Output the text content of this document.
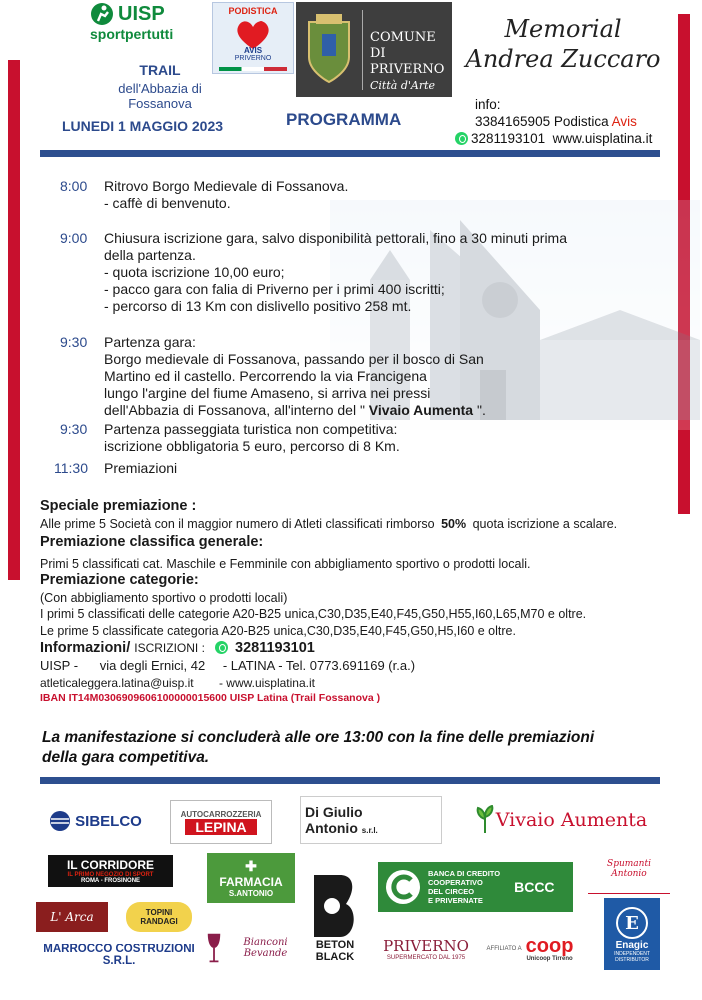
UISP
sportpertutti
PODISTICA
AVIS
PRIVERNO
COMUNE
DI PRIVERNO
Città d'Arte
Memorial
Andrea Zuccaro
TRAIL
dell'Abbazia di Fossanova
LUNEDI 1 MAGGIO 2023	PROGRAMMA
info:
3384165905 Podistica Avis
3281193101 www.uisplatina.it
8:00 Ritrovo Borgo Medievale di Fossanova.
- caffè di benvenuto.
9:00 Chiusura iscrizione gara, salvo disponibilità pettorali, fino a 30 minuti prima
della partenza.
- quota iscrizione 10,00 euro;
- pacco gara con falia di Priverno per i primi 400 iscritti;
- percorso di 13 Km con dislivello positivo 258 mt.
9:30 Partenza gara:
Borgo medievale di Fossanova, passando per il bosco di San
Martino ed il castello. Percorrendo la via Francigena
lungo l'argine del fiume Amaseno, si arriva nei pressi
dell'Abbazia di Fossanova, all'interno del " Vivaio Aumenta ".
9:30 Partenza passeggiata turistica non competitiva:
iscrizione obbligatoria 5 euro, percorso di 8 Km.
11:30 Premiazioni
Speciale premiazione :
Alle prime 5 Società con il maggior numero di Atleti classificati rimborso 50% quota iscrizione a scalare.
Premiazione classifica generale:
Primi 5 classificati cat. Maschile e Femminile con abbigliamento sportivo o prodotti locali.
Premiazione categorie:
(Con abbigliamento sportivo o prodotti locali)
I primi 5 classificati delle categorie A20-B25 unica,C30,D35,E40,F45,G50,H55,I60,L65,M70 e oltre.
Le prime 5 classificate categoria A20-B25 unica,C30,D35,E40,F45,G50,H5,I60 e oltre.
Informazioni/ ISCRIZIONI : 3281193101
UISP - via degli Ernici, 42 - LATINA - Tel. 0773.691169 (r.a.)
atleticaleggera.latina@uisp.it - www.uisplatina.it
IBAN IT14M0306909606100000015600 UISP Latina (Trail Fossanova )
La manifestazione si concluderà alle ore 13:00 con la fine delle premiazioni
della gara competitiva.
SIBELCO	AUTOCARROZZERIA
LEPINA
Di Giulio
Antonio s.r.l.	Vivaio Aumenta
IL CORRIDORE
IL PRIMO NEGOZIO DI SPORT
ROMA - FROSINONE
✚
FARMACIA
S.ANTONIO
BETON
BLACK
BANCA DI CREDITO
COOPERATIVO
DEL CIRCEO
E PRIVERNATE
BCCC
Spumanti Antonio
L' Arca	TOPINI RANDAGI
Bianconi Bevande
MARROCCO COSTRUZIONI S.R.L.
PRIVERNO
SUPERMERCATO DAL 1975
AFFILIATO A coop
Unicoop Tirreno
E
Enagic
INDEPENDENT DISTRIBUTOR
